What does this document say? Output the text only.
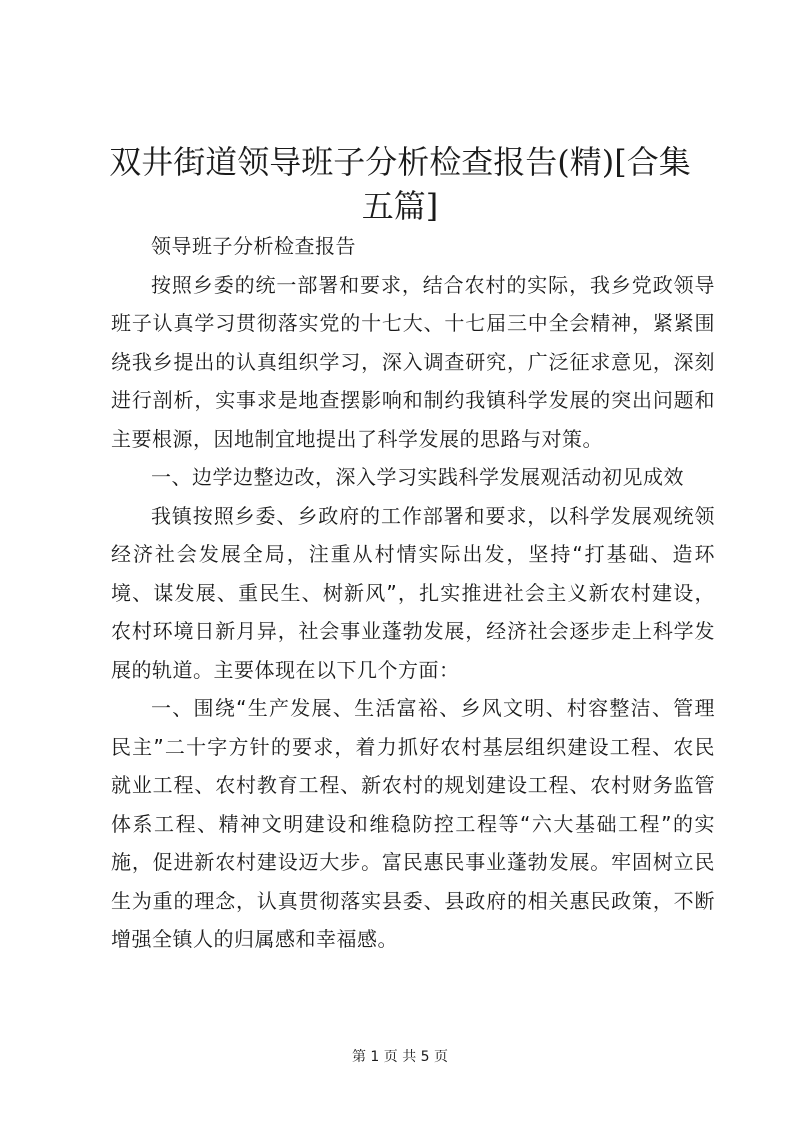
双井街道领导班子分析检查报告(精)[合集五篇]

领导班子分析检查报告

按照乡委的统一部署和要求，结合农村的实际，我乡党政领导班子认真学习贯彻落实党的十七大、十七届三中全会精神，紧紧围绕我乡提出的认真组织学习，深入调查研究，广泛征求意见，深刻进行剖析，实事求是地查摆影响和制约我镇科学发展的突出问题和主要根源，因地制宜地提出了科学发展的思路与对策。

一、边学边整边改，深入学习实践科学发展观活动初见成效

我镇按照乡委、乡政府的工作部署和要求，以科学发展观统领经济社会发展全局，注重从村情实际出发，坚持“打基础、造环境、谋发展、重民生、树新风”，扎实推进社会主义新农村建设，农村环境日新月异，社会事业蓬勃发展，经济社会逐步走上科学发展的轨道。主要体现在以下几个方面：

一、围绕“生产发展、生活富裕、乡风文明、村容整洁、管理民主”二十字方针的要求，着力抓好农村基层组织建设工程、农民就业工程、农村教育工程、新农村的规划建设工程、农村财务监管体系工程、精神文明建设和维稳防控工程等“六大基础工程”的实施，促进新农村建设迈大步。富民惠民事业蓬勃发展。牢固树立民生为重的理念，认真贯彻落实县委、县政府的相关惠民政策，不断增强全镇人的归属感和幸福感。

第 1 页 共 5 页
